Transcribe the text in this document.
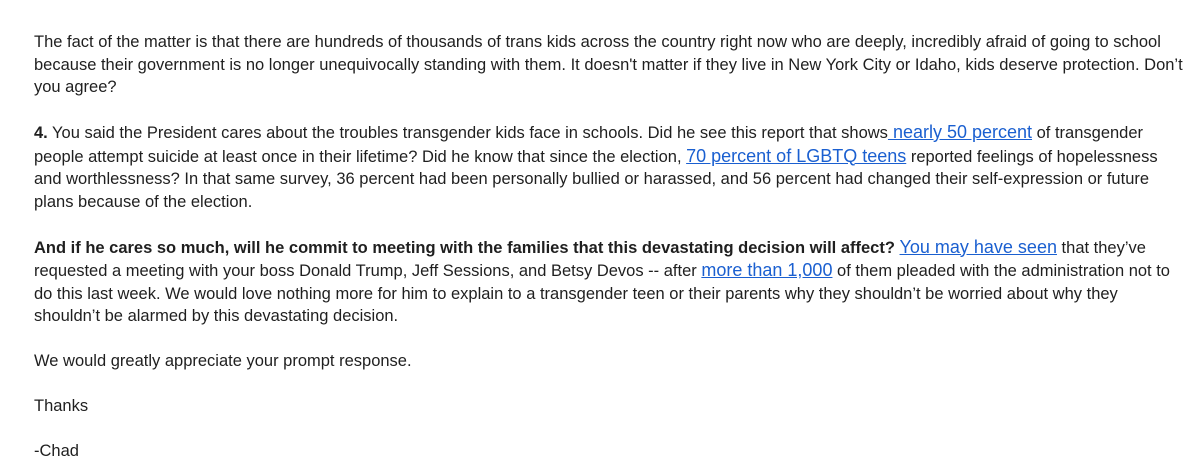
The fact of the matter is that there are hundreds of thousands of trans kids across the country right now who are deeply, incredibly afraid of going to school because their government is no longer unequivocally standing with them. It doesn't matter if they live in New York City or Idaho, kids deserve protection. Don’t you agree?

4. You said the President cares about the troubles transgender kids face in schools. Did he see this report that shows nearly 50 percent of transgender people attempt suicide at least once in their lifetime? Did he know that since the election, 70 percent of LGBTQ teens reported feelings of hopelessness and worthlessness? In that same survey, 36 percent had been personally bullied or harassed, and 56 percent had changed their self-expression or future plans because of the election.

And if he cares so much, will he commit to meeting with the families that this devastating decision will affect? You may have seen that they’ve requested a meeting with your boss Donald Trump, Jeff Sessions, and Betsy Devos -- after more than 1,000 of them pleaded with the administration not to do this last week. We would love nothing more for him to explain to a transgender teen or their parents why they shouldn’t be worried about why they shouldn’t be alarmed by this devastating decision.

We would greatly appreciate your prompt response.

Thanks

-Chad
